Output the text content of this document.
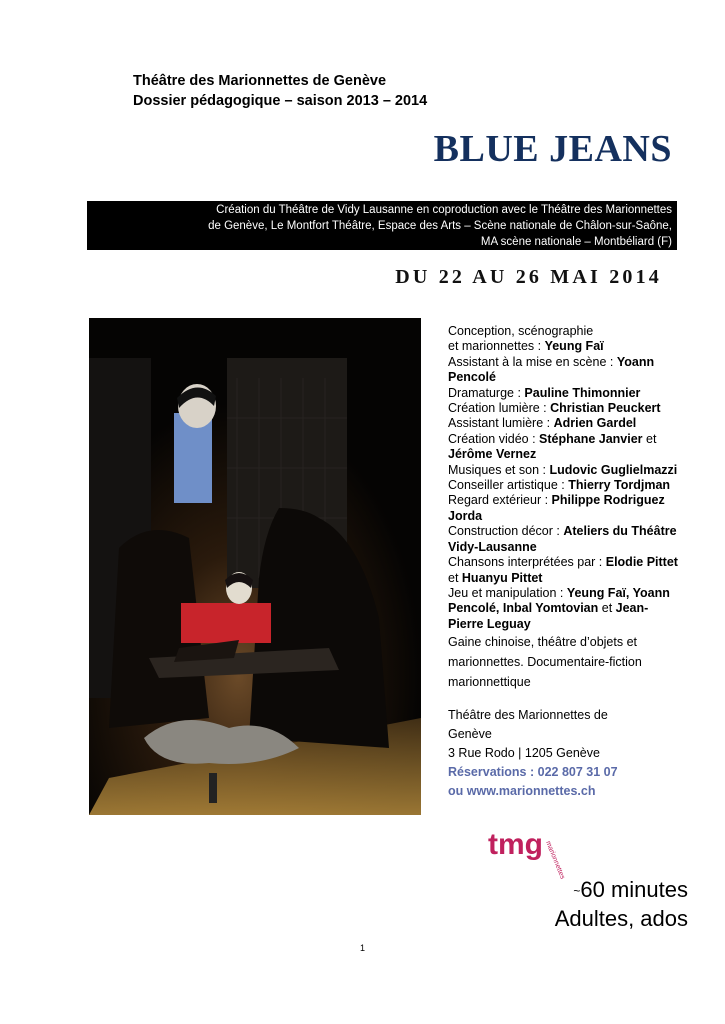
Théâtre des Marionnettes de Genève
Dossier pédagogique – saison 2013 – 2014
BLUE JEANS
Création du Théâtre de Vidy Lausanne en coproduction avec le Théâtre des Marionnettes
de Genève, Le Montfort Théâtre, Espace des Arts – Scène nationale de Châlon-sur-Saône,
MA scène nationale – Montbéliard (F)
DU 22 AU 26 MAI 2014
Conception, scénographie
et marionnettes : Yeung Faï
Assistant à la mise en scène : Yoann
Pencolé
Dramaturge : Pauline Thimonnier
Création lumière : Christian Peuckert
Assistant lumière : Adrien Gardel
Création vidéo : Stéphane Janvier et
Jérôme Vernez
Musiques et son : Ludovic Guglielmazzi
Conseiller artistique : Thierry Tordjman
Regard extérieur : Philippe Rodriguez
Jorda
Construction décor : Ateliers du Théâtre
Vidy-Lausanne
Chansons interprétées par : Elodie Pittet
et Huanyu Pittet
Jeu et manipulation : Yeung Faï, Yoann
Pencolé, Inbal Yomtovian et Jean-
Pierre Leguay
Gaine chinoise, théâtre d’objets et
marionnettes. Documentaire-fiction
marionnettique
Théâtre des Marionnettes de
Genève
3 Rue Rodo | 1205 Genève
Réservations : 022 807 31 07
ou www.marionnettes.ch
tmg marionnettes
~60 minutes
Adultes, ados
1
